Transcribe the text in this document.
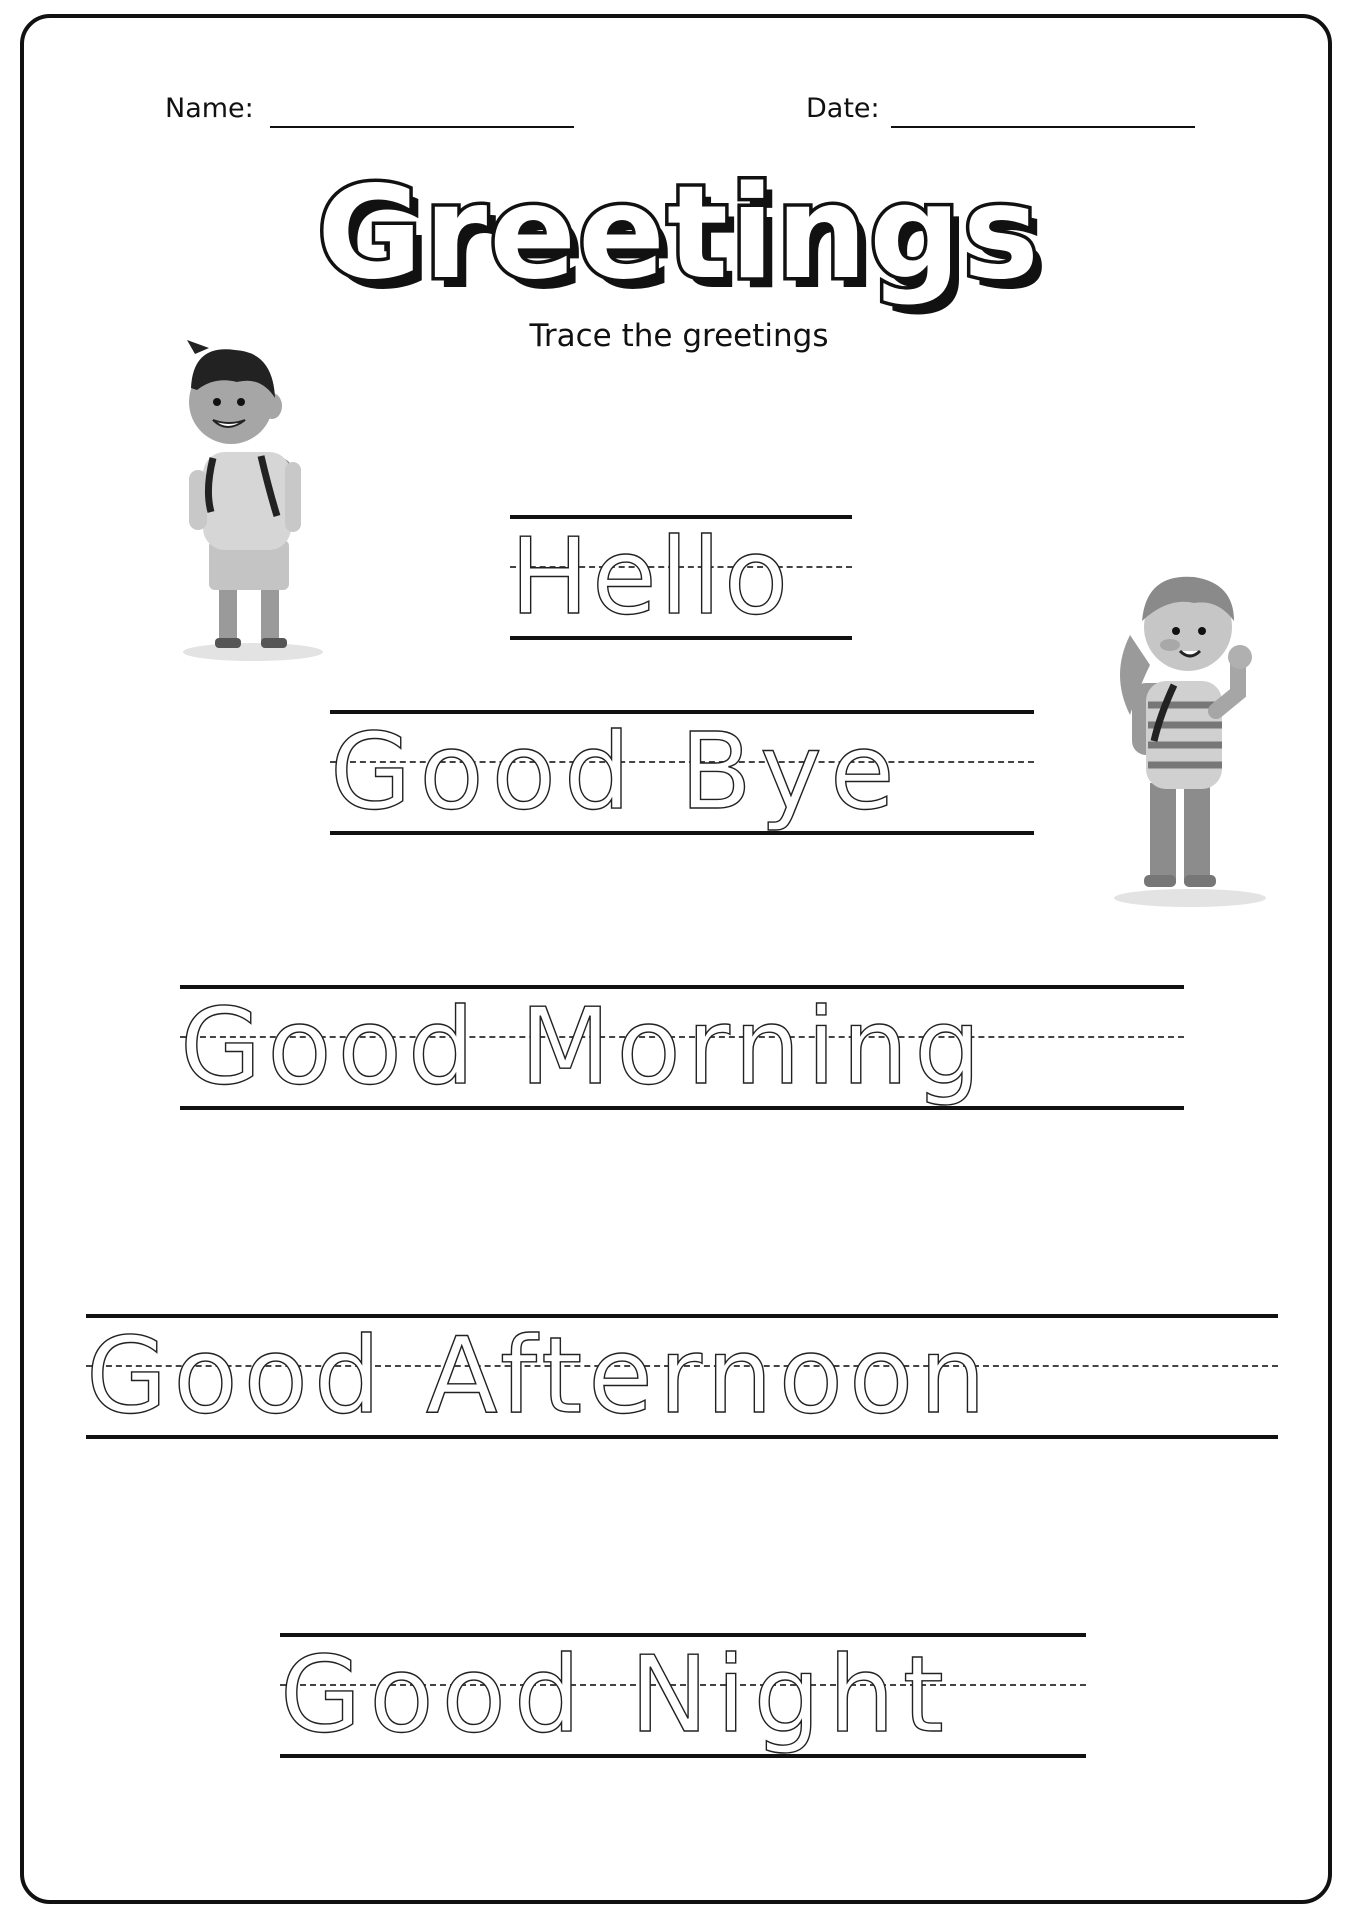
Name:	Date:
Greetings
Trace the greetings
Hello
Good Bye
Good Morning
Good Afternoon
Good Night
